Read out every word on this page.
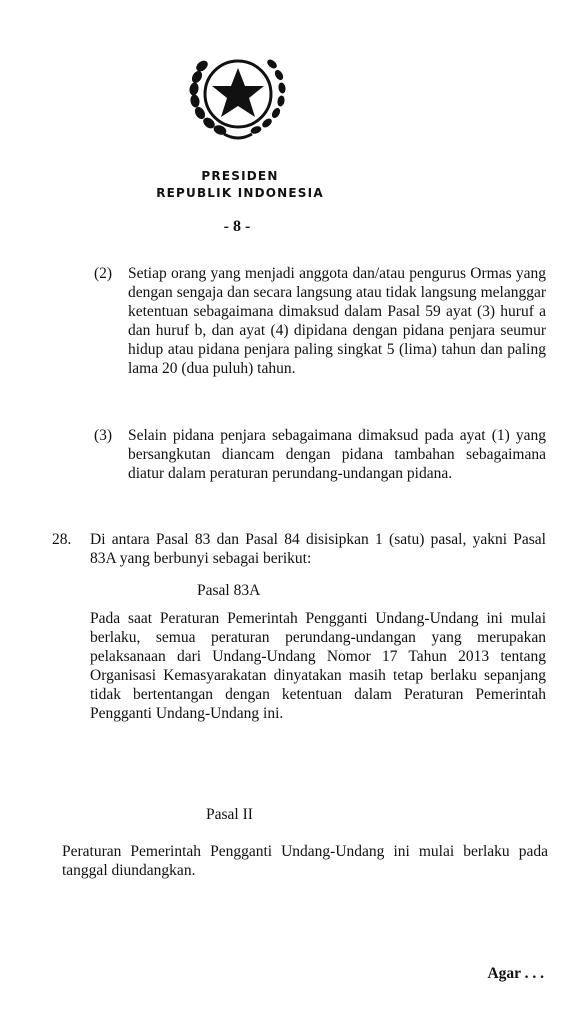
PRESIDEN
REPUBLIK INDONESIA
- 8 -
(2) Setiap orang yang menjadi anggota dan/atau pengurus Ormas yang dengan sengaja dan secara langsung atau tidak langsung melanggar ketentuan sebagaimana dimaksud dalam Pasal 59 ayat (3) huruf a dan huruf b, dan ayat (4) dipidana dengan pidana penjara seumur hidup atau pidana penjara paling singkat 5 (lima) tahun dan paling lama 20 (dua puluh) tahun.
(3) Selain pidana penjara sebagaimana dimaksud pada ayat (1) yang bersangkutan diancam dengan pidana tambahan sebagaimana diatur dalam peraturan perundang-undangan pidana.
28. Di antara Pasal 83 dan Pasal 84 disisipkan 1 (satu) pasal, yakni Pasal 83A yang berbunyi sebagai berikut:
Pasal 83A
Pada saat Peraturan Pemerintah Pengganti Undang-Undang ini mulai berlaku, semua peraturan perundang-undangan yang merupakan pelaksanaan dari Undang-Undang Nomor 17 Tahun 2013 tentang Organisasi Kemasyarakatan dinyatakan masih tetap berlaku sepanjang tidak bertentangan dengan ketentuan dalam Peraturan Pemerintah Pengganti Undang-Undang ini.
Pasal II
Peraturan Pemerintah Pengganti Undang-Undang ini mulai berlaku pada tanggal diundangkan.
Agar . . .
